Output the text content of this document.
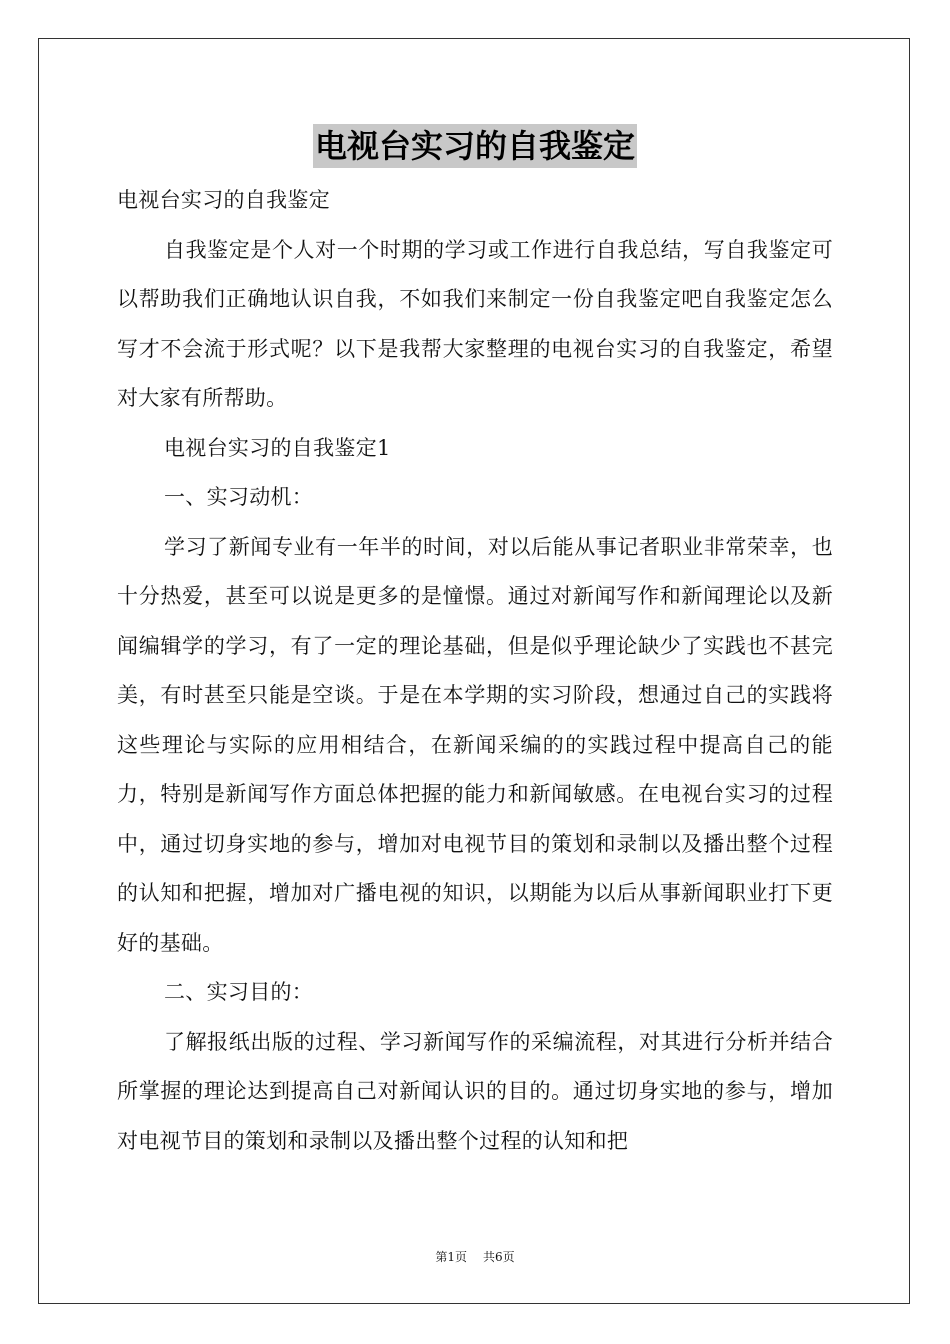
电视台实习的自我鉴定

电视台实习的自我鉴定

自我鉴定是个人对一个时期的学习或工作进行自我总结，写自我鉴定可以帮助我们正确地认识自我，不如我们来制定一份自我鉴定吧自我鉴定怎么写才不会流于形式呢？以下是我帮大家整理的电视台实习的自我鉴定，希望对大家有所帮助。

电视台实习的自我鉴定1

一、实习动机：

学习了新闻专业有一年半的时间，对以后能从事记者职业非常荣幸，也十分热爱，甚至可以说是更多的是憧憬。通过对新闻写作和新闻理论以及新闻编辑学的学习，有了一定的理论基础，但是似乎理论缺少了实践也不甚完美，有时甚至只能是空谈。于是在本学期的实习阶段，想通过自己的实践将这些理论与实际的应用相结合，在新闻采编的的实践过程中提高自己的能力，特别是新闻写作方面总体把握的能力和新闻敏感。在电视台实习的过程中，通过切身实地的参与，增加对电视节目的策划和录制以及播出整个过程的认知和把握，增加对广播电视的知识，以期能为以后从事新闻职业打下更好的基础。

二、实习目的：

了解报纸出版的过程、学习新闻写作的采编流程，对其进行分析并结合所掌握的理论达到提高自己对新闻认识的目的。通过切身实地的参与，增加对电视节目的策划和录制以及播出整个过程的认知和把

第1页 共6页
